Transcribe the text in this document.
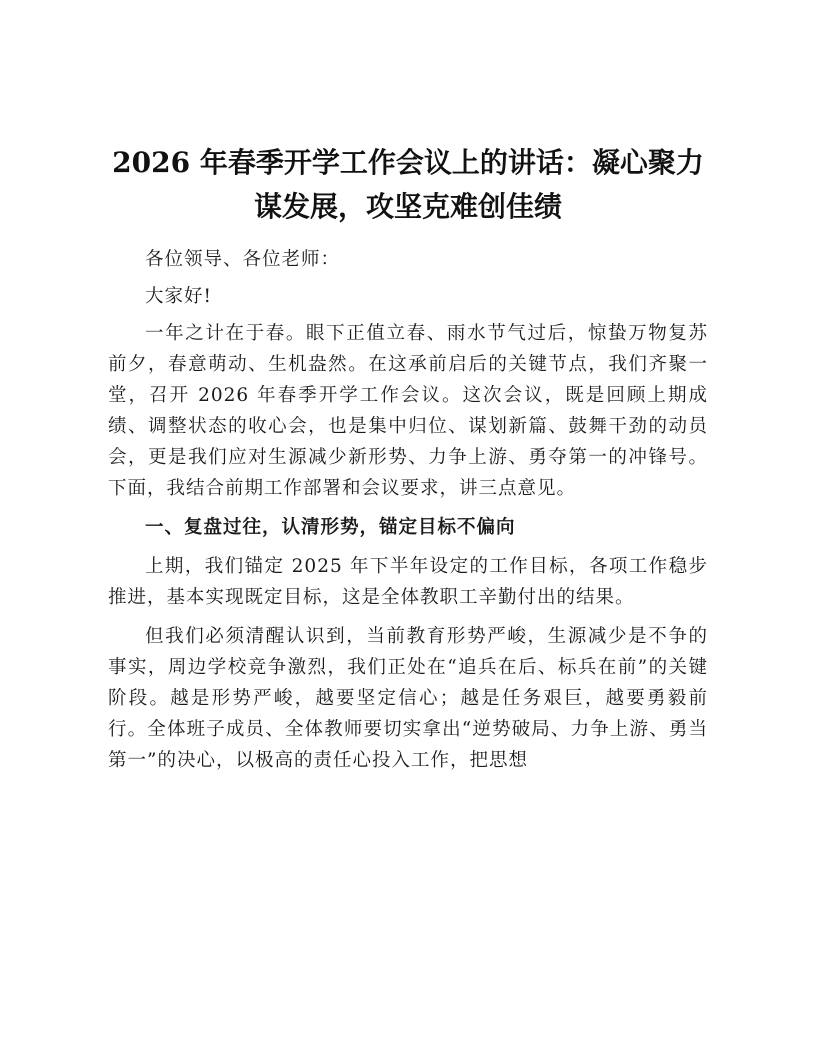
2026 年春季开学工作会议上的讲话：凝心聚力
谋发展，攻坚克难创佳绩

各位领导、各位老师：

大家好!

一年之计在于春。眼下正值立春、雨水节气过后，惊蛰万物复苏前夕，春意萌动、生机盎然。在这承前启后的关键节点，我们齐聚一堂，召开 2026 年春季开学工作会议。这次会议，既是回顾上期成绩、调整状态的收心会，也是集中归位、谋划新篇、鼓舞干劲的动员会，更是我们应对生源减少新形势、力争上游、勇夺第一的冲锋号。下面，我结合前期工作部署和会议要求，讲三点意见。

一、复盘过往，认清形势，锚定目标不偏向

上期，我们锚定 2025 年下半年设定的工作目标，各项工作稳步推进，基本实现既定目标，这是全体教职工辛勤付出的结果。

但我们必须清醒认识到，当前教育形势严峻，生源减少是不争的事实，周边学校竞争激烈，我们正处在“追兵在后、标兵在前”的关键阶段。越是形势严峻，越要坚定信心；越是任务艰巨，越要勇毅前行。全体班子成员、全体教师要切实拿出“逆势破局、力争上游、勇当第一”的决心，以极高的责任心投入工作，把思想
